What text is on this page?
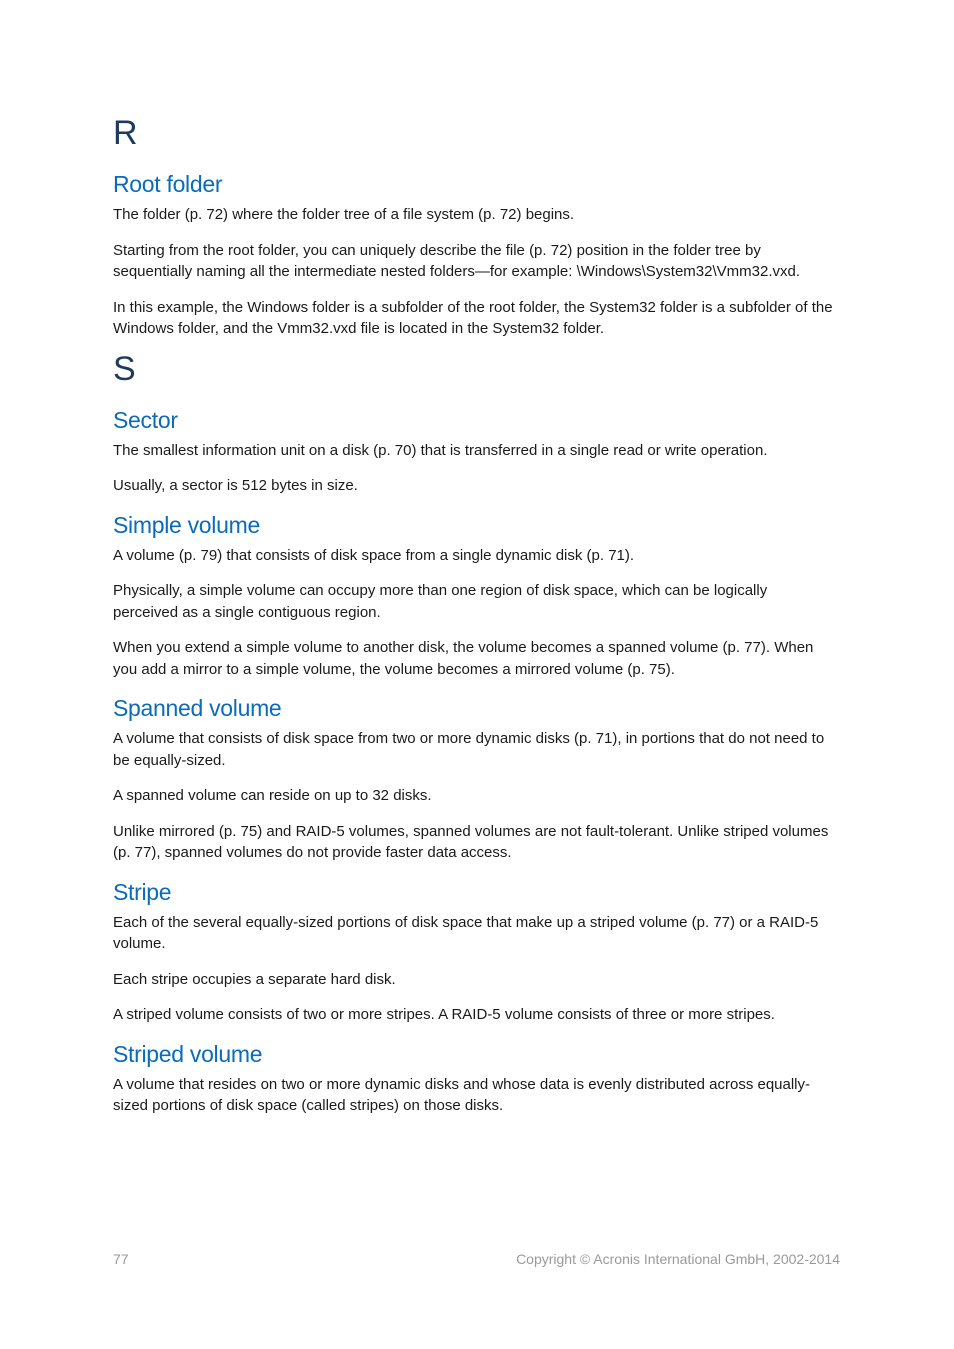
R
Root folder

The folder (p. 72) where the folder tree of a file system (p. 72) begins.

Starting from the root folder, you can uniquely describe the file (p. 72) position in the folder tree by sequentially naming all the intermediate nested folders—for example: \Windows\System32\Vmm32.vxd.

In this example, the Windows folder is a subfolder of the root folder, the System32 folder is a subfolder of the Windows folder, and the Vmm32.vxd file is located in the System32 folder.

S
Sector

The smallest information unit on a disk (p. 70) that is transferred in a single read or write operation.

Usually, a sector is 512 bytes in size.

Simple volume

A volume (p. 79) that consists of disk space from a single dynamic disk (p. 71).

Physically, a simple volume can occupy more than one region of disk space, which can be logically perceived as a single contiguous region.

When you extend a simple volume to another disk, the volume becomes a spanned volume (p. 77). When you add a mirror to a simple volume, the volume becomes a mirrored volume (p. 75).

Spanned volume

A volume that consists of disk space from two or more dynamic disks (p. 71), in portions that do not need to be equally-sized.

A spanned volume can reside on up to 32 disks.

Unlike mirrored (p. 75) and RAID-5 volumes, spanned volumes are not fault-tolerant. Unlike striped volumes (p. 77), spanned volumes do not provide faster data access.

Stripe

Each of the several equally-sized portions of disk space that make up a striped volume (p. 77) or a RAID-5 volume.

Each stripe occupies a separate hard disk.

A striped volume consists of two or more stripes. A RAID-5 volume consists of three or more stripes.

Striped volume

A volume that resides on two or more dynamic disks and whose data is evenly distributed across equally-sized portions of disk space (called stripes) on those disks.

77	Copyright © Acronis International GmbH, 2002-2014
